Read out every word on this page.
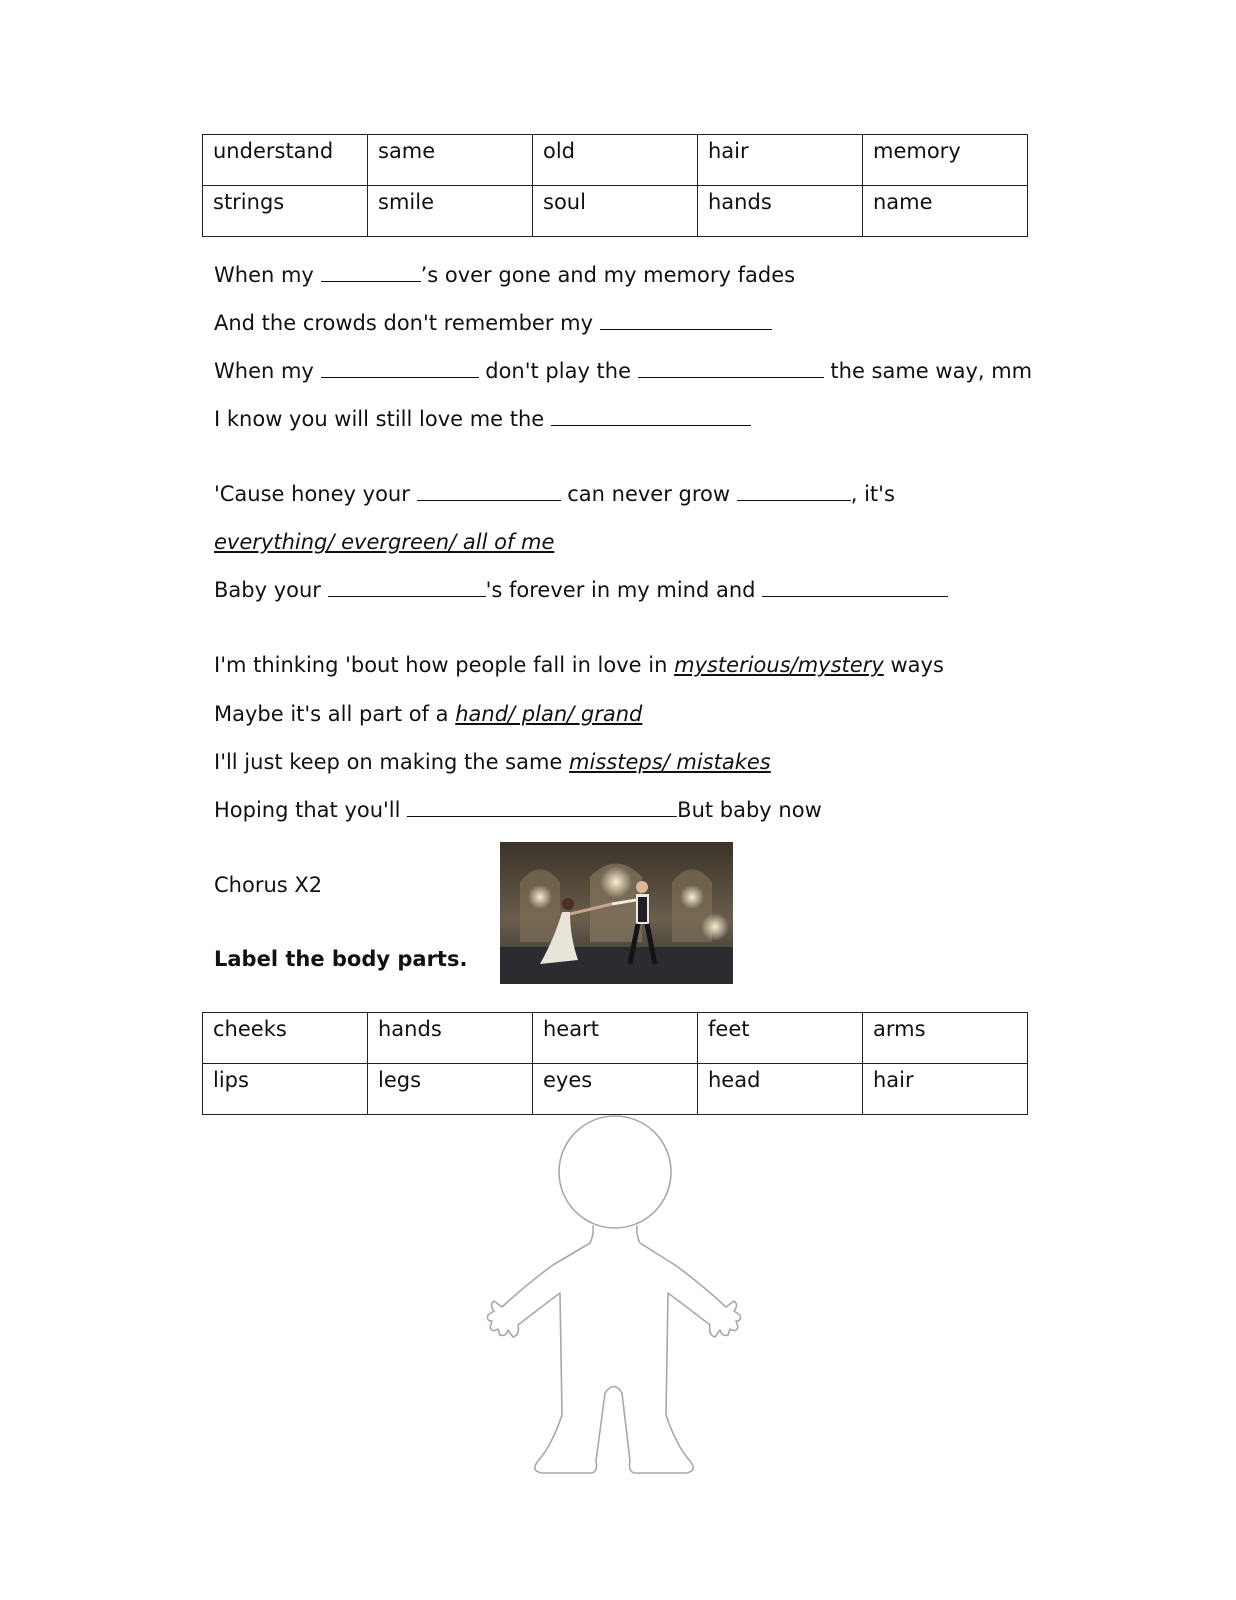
understand	same	old	hair	memory
strings	smile	soul	hands	name
When my	’s over gone and my memory fades
And the crowds don't remember my
When my	don't play the	the same way, mm
I know you will still love me the
'Cause honey your	can never grow	, it's
everything/ evergreen/ all of me
Baby your	's forever in my mind and
I'm thinking 'bout how people fall in love in mysterious/mystery ways
Maybe it's all part of a hand/ plan/ grand
I'll just keep on making the same missteps/ mistakes
Hoping that you'll	But baby now
Chorus X2
Label the body parts.
cheeks	hands	heart	feet	arms
lips	legs	eyes	head	hair
